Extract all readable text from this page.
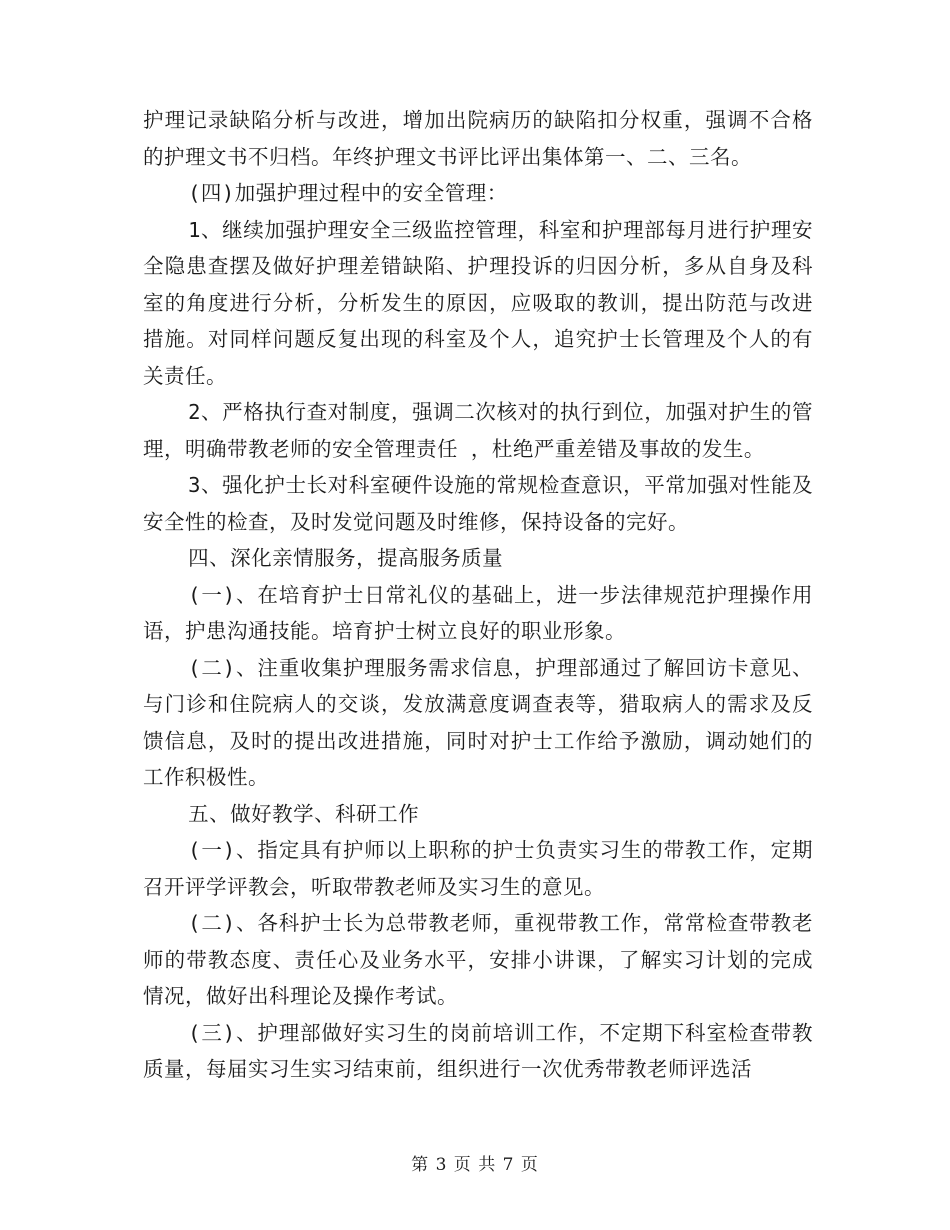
护理记录缺陷分析与改进，增加出院病历的缺陷扣分权重，强调不合格的护理文书不归档。年终护理文书评比评出集体第一、二、三名。

(四)加强护理过程中的安全管理：

1、继续加强护理安全三级监控管理，科室和护理部每月进行护理安全隐患查摆及做好护理差错缺陷、护理投诉的归因分析，多从自身及科室的角度进行分析，分析发生的原因，应吸取的教训，提出防范与改进措施。对同样问题反复出现的科室及个人，追究护士长管理及个人的有关责任。

2、严格执行查对制度，强调二次核对的执行到位，加强对护生的管理，明确带教老师的安全管理责任 ，杜绝严重差错及事故的发生。

3、强化护士长对科室硬件设施的常规检查意识，平常加强对性能及安全性的检查，及时发觉问题及时维修，保持设备的完好。

四、深化亲情服务，提高服务质量

(一)、在培育护士日常礼仪的基础上，进一步法律规范护理操作用语，护患沟通技能。培育护士树立良好的职业形象。

(二)、注重收集护理服务需求信息，护理部通过了解回访卡意见、与门诊和住院病人的交谈，发放满意度调查表等，猎取病人的需求及反馈信息，及时的提出改进措施，同时对护士工作给予激励，调动她们的工作积极性。

五、做好教学、科研工作

(一)、指定具有护师以上职称的护士负责实习生的带教工作，定期召开评学评教会，听取带教老师及实习生的意见。

(二)、各科护士长为总带教老师，重视带教工作，常常检查带教老师的带教态度、责任心及业务水平，安排小讲课，了解实习计划的完成情况，做好出科理论及操作考试。

(三)、护理部做好实习生的岗前培训工作，不定期下科室检查带教质量，每届实习生实习结束前，组织进行一次优秀带教老师评选活

第 3 页 共 7 页
